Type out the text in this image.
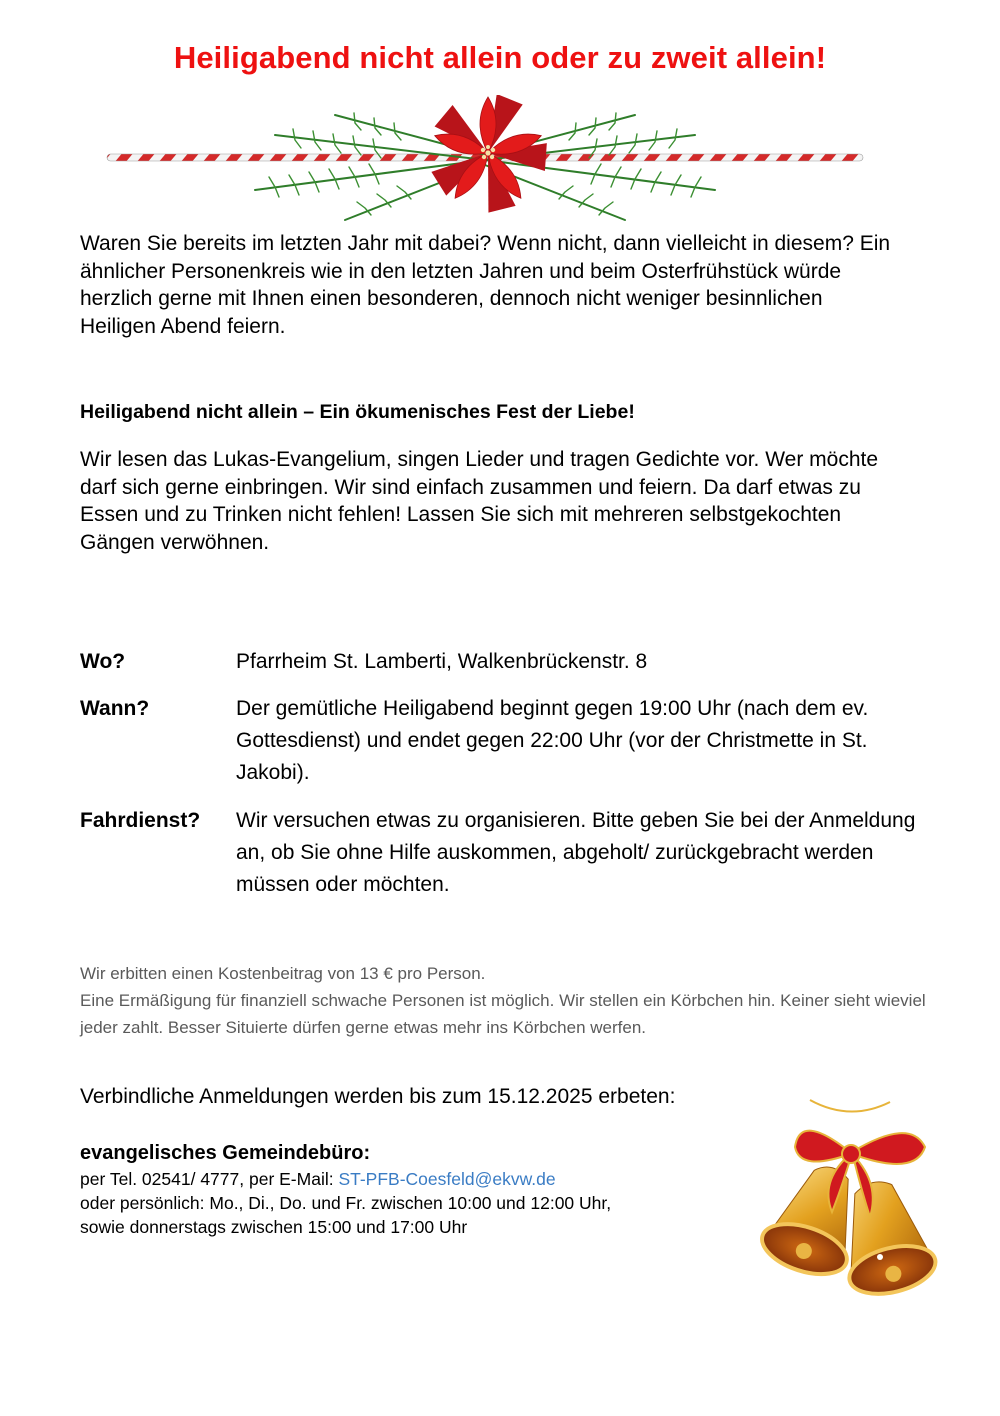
Heiligabend nicht allein oder zu zweit allein!
Waren Sie bereits im letzten Jahr mit dabei? Wenn nicht, dann vielleicht in diesem? Ein ähnlicher Personenkreis wie in den letzten Jahren und beim Osterfrühstück würde herzlich gerne mit Ihnen einen besonderen, dennoch nicht weniger besinnlichen Heiligen Abend feiern.
Heiligabend nicht allein – Ein ökumenisches Fest der Liebe!
Wir lesen das Lukas-Evangelium, singen Lieder und tragen Gedichte vor. Wer möchte darf sich gerne einbringen. Wir sind einfach zusammen und feiern. Da darf etwas zu Essen und zu Trinken nicht fehlen! Lassen Sie sich mit mehreren selbstgekochten Gängen verwöhnen.
Wo?	Pfarrheim St. Lamberti, Walkenbrückenstr. 8
Wann?	Der gemütliche Heiligabend beginnt gegen 19:00 Uhr (nach dem ev. Gottesdienst) und endet gegen 22:00 Uhr (vor der Christmette in St. Jakobi).
Fahrdienst?	Wir versuchen etwas zu organisieren. Bitte geben Sie bei der Anmeldung an, ob Sie ohne Hilfe auskommen, abgeholt/ zurückgebracht werden müssen oder möchten.
Wir erbitten einen Kostenbeitrag von 13 € pro Person.
Eine Ermäßigung für finanziell schwache Personen ist möglich. Wir stellen ein Körbchen hin. Keiner sieht wieviel jeder zahlt. Besser Situierte dürfen gerne etwas mehr ins Körbchen werfen.
Verbindliche Anmeldungen werden bis zum 15.12.2025 erbeten:
evangelisches Gemeindebüro:
per Tel. 02541/ 4777, per E-Mail: ST-PFB-Coesfeld@ekvw.de
oder persönlich: Mo., Di., Do. und Fr. zwischen 10:00 und 12:00 Uhr,
sowie donnerstags zwischen 15:00 und 17:00 Uhr
